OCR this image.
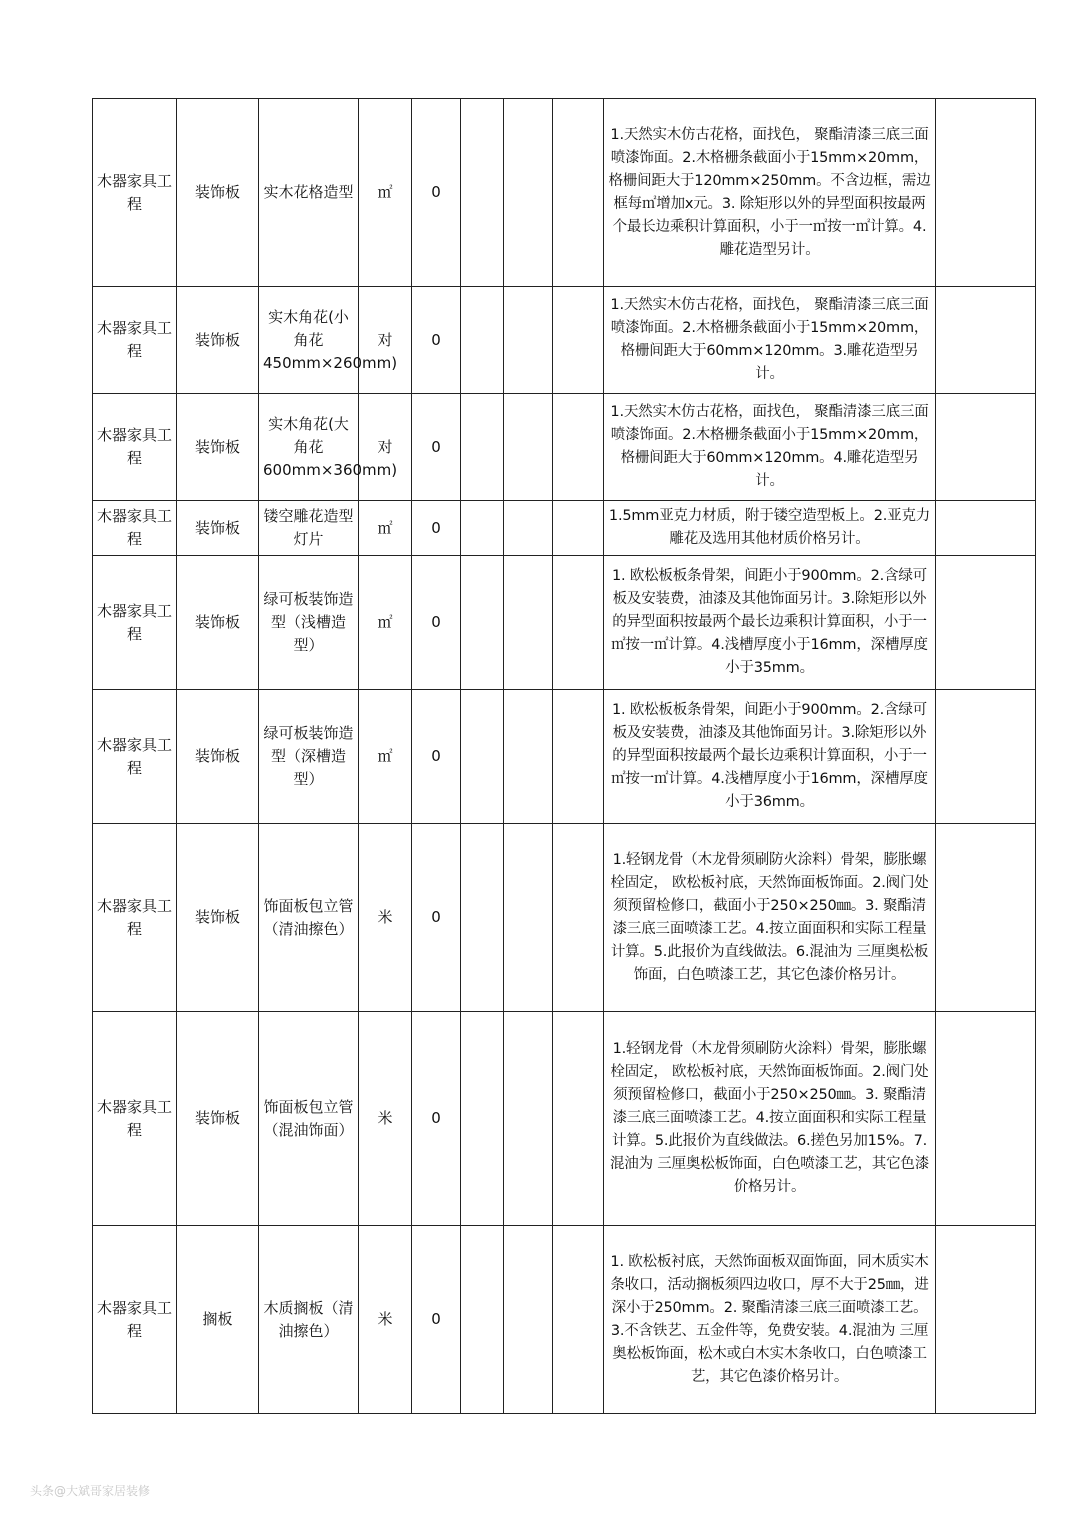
木器家具工程	装饰板	实木花格造型	㎡	0				1.天然实木仿古花格，面找色， 聚酯清漆三底三面喷漆饰面。2.木格栅条截面小于15mm×20mm，格栅间距大于120mm×250mm。不含边框，需边框每㎡增加x元。3. 除矩形以外的异型面积按最两个最长边乘积计算面积，小于一㎡按一㎡计算。4.雕花造型另计。	
木器家具工程	装饰板	实木角花(小角花450mm×260mm)	对	0				1.天然实木仿古花格，面找色， 聚酯清漆三底三面喷漆饰面。2.木格栅条截面小于15mm×20mm，格栅间距大于60mm×120mm。3.雕花造型另计。	
木器家具工程	装饰板	实木角花(大角花600mm×360mm)	对	0				1.天然实木仿古花格，面找色， 聚酯清漆三底三面喷漆饰面。2.木格栅条截面小于15mm×20mm，格栅间距大于60mm×120mm。4.雕花造型另计。	
木器家具工程	装饰板	镂空雕花造型灯片	㎡	0				1.5mm亚克力材质，附于镂空造型板上。2.亚克力雕花及选用其他材质价格另计。	
木器家具工程	装饰板	绿可板装饰造型（浅槽造型）	㎡	0				1. 欧松板板条骨架，间距小于900mm。2.含绿可板及安装费，油漆及其他饰面另计。3.除矩形以外的异型面积按最两个最长边乘积计算面积，小于一㎡按一㎡计算。4.浅槽厚度小于16mm，深槽厚度小于35mm。	
木器家具工程	装饰板	绿可板装饰造型（深槽造型）	㎡	0				1. 欧松板板条骨架，间距小于900mm。2.含绿可板及安装费，油漆及其他饰面另计。3.除矩形以外的异型面积按最两个最长边乘积计算面积，小于一㎡按一㎡计算。4.浅槽厚度小于16mm，深槽厚度小于36mm。	
木器家具工程	装饰板	饰面板包立管（清油擦色）	米	0				1.轻钢龙骨（木龙骨须刷防火涂料）骨架，膨胀螺栓固定， 欧松板衬底，天然饰面板饰面。2.阀门处须预留检修口，截面小于250×250㎜。3. 聚酯清漆三底三面喷漆工艺。4.按立面面积和实际工程量计算。5.此报价为直线做法。6.混油为 三厘奥松板饰面，白色喷漆工艺，其它色漆价格另计。	
木器家具工程	装饰板	饰面板包立管（混油饰面）	米	0				1.轻钢龙骨（木龙骨须刷防火涂料）骨架，膨胀螺栓固定， 欧松板衬底，天然饰面板饰面。2.阀门处须预留检修口，截面小于250×250㎜。3. 聚酯清漆三底三面喷漆工艺。4.按立面面积和实际工程量计算。5.此报价为直线做法。6.搓色另加15%。7.混油为 三厘奥松板饰面，白色喷漆工艺，其它色漆价格另计。	
木器家具工程	搁板	木质搁板（清油擦色）	米	0				1. 欧松板衬底，天然饰面板双面饰面，同木质实木条收口，活动搁板须四边收口，厚不大于25㎜，进深小于250mm。2. 聚酯清漆三底三面喷漆工艺。3.不含铁艺、五金件等，免费安装。4.混油为 三厘奥松板饰面，松木或白木实木条收口，白色喷漆工艺，其它色漆价格另计。	
头条@大斌哥家居装修
